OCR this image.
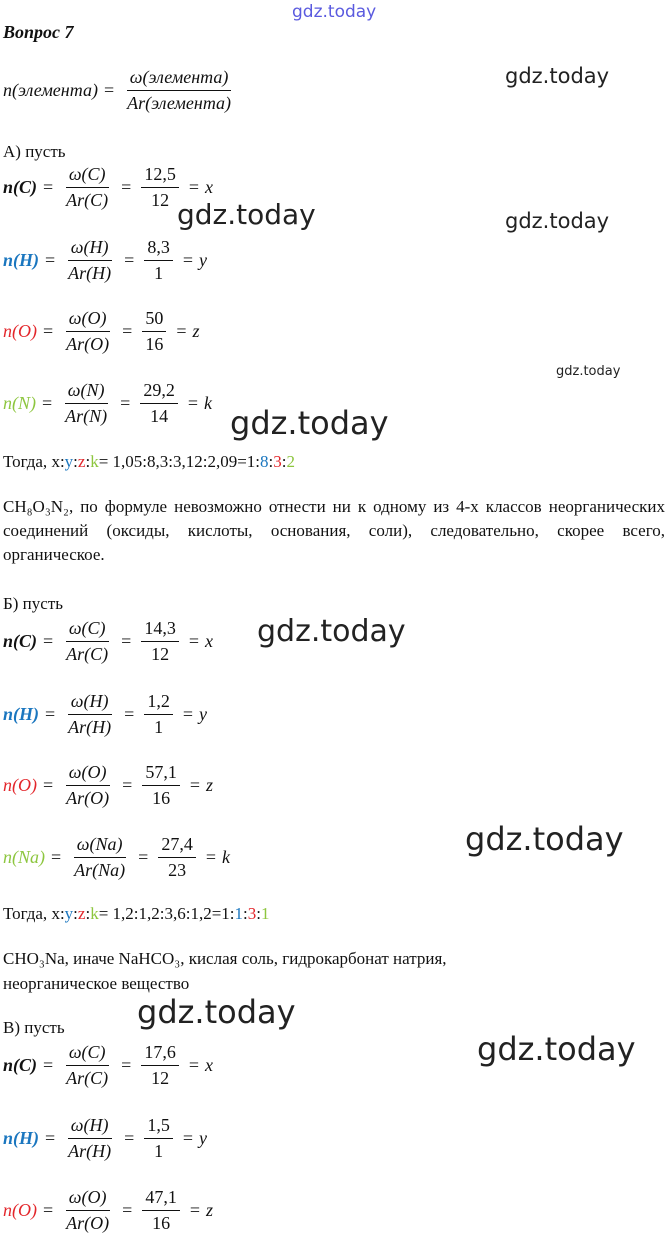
gdz.today
gdz.today
gdz.today	gdz.today
gdz.today
gdz.today
gdz.today
gdz.today
gdz.today
gdz.today
Вопрос 7
n(элемента) = $\frac{\text{ω(элемента)}}{\text{Ar(элемента)}}$
А) пусть
$n(C) = \frac{\omega(C)}{Ar(C)} = \frac{12,5}{12} = x$
$n(H) = \frac{\omega(H)}{Ar(H)} = \frac{8,3}{1} = y$
$n(O) = \frac{\omega(O)}{Ar(O)} = \frac{50}{16} = z$
$n(N) = \frac{\omega(N)}{Ar(N)} = \frac{29,2}{14} = k$
Тогда, x:y:z:k= 1,05:8,3:3,12:2,09=1:8:3:2
CH₈O₃N₂, по формуле невозможно отнести ни к одному из 4-х классов неорганических соединений (оксиды, кислоты, основания, соли), следовательно, скорее всего, органическое.
Б) пусть
$n(C) = \frac{\omega(C)}{Ar(C)} = \frac{14,3}{12} = x$
$n(H) = \frac{\omega(H)}{Ar(H)} = \frac{1,2}{1} = y$
$n(O) = \frac{\omega(O)}{Ar(O)} = \frac{57,1}{16} = z$
$n(Na) = \frac{\omega(Na)}{Ar(Na)} = \frac{27,4}{23} = k$
Тогда, x:y:z:k= 1,2:1,2:3,6:1,2=1:1:3:1
CHO₃Na, иначе NaHCO₃, кислая соль, гидрокарбонат натрия,
неорганическое вещество
В) пусть
$n(C) = \frac{\omega(C)}{Ar(C)} = \frac{17,6}{12} = x$
$n(H) = \frac{\omega(H)}{Ar(H)} = \frac{1,5}{1} = y$
$n(O) = \frac{\omega(O)}{Ar(O)} = \frac{47,1}{16} = z$
